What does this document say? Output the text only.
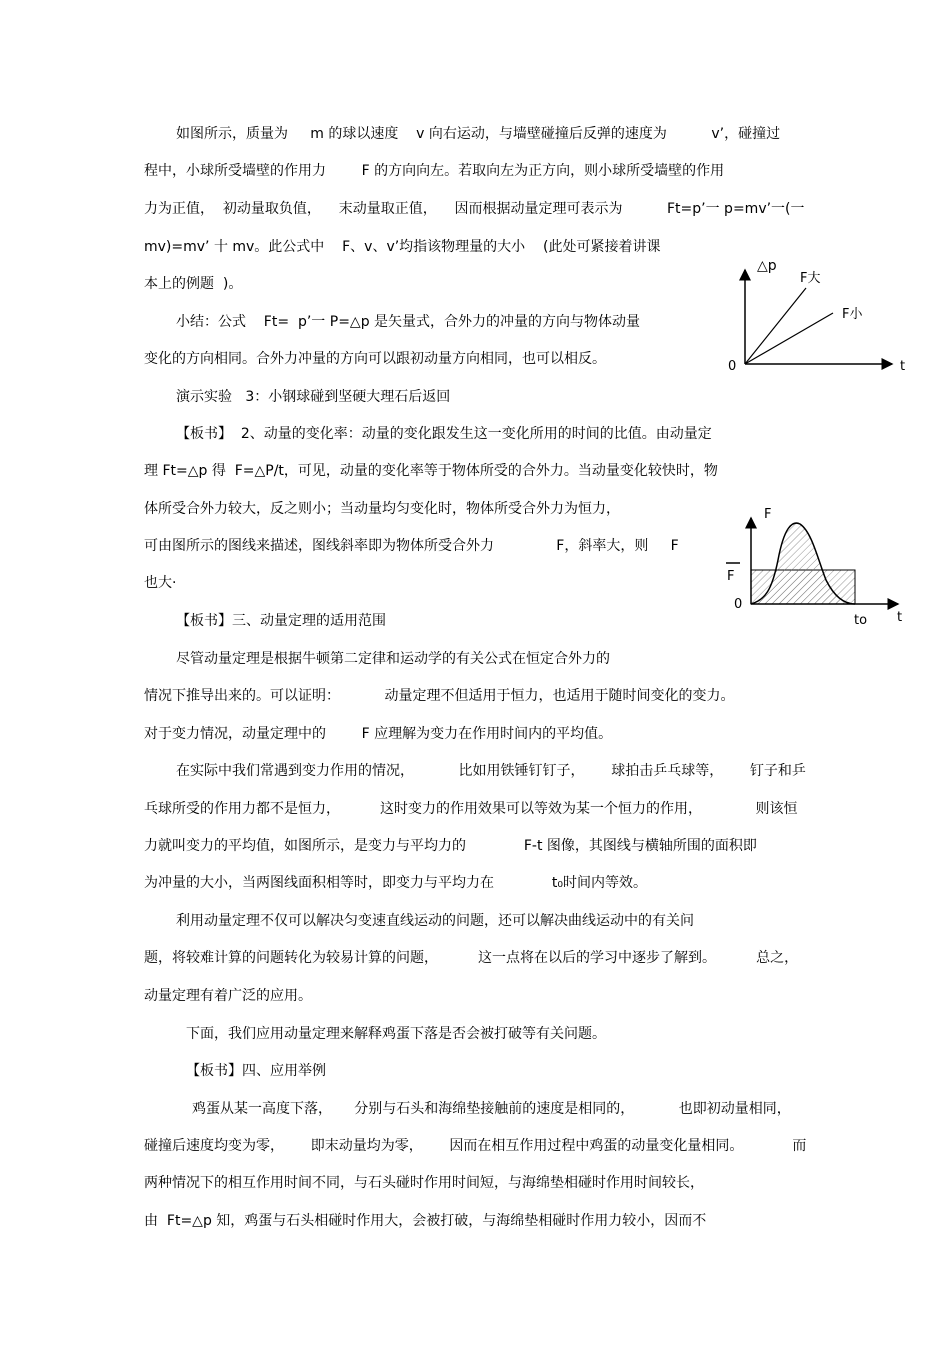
如图所示，质量为     m 的球以速度    v 向右运动，与墙壁碰撞后反弹的速度为          v’，碰撞过
程中，小球所受墙壁的作用力        F 的方向向左。若取向左为正方向，则小球所受墙壁的作用
力为正值，  初动量取负值，    末动量取正值，    因而根据动量定理可表示为          Ft=p’一 p=mv’一(一
mv)=mv’ 十 mv。此公式中    F、v、v’均指该物理量的大小    (此处可紧接着讲课
本上的例题  )。
小结：公式    Ft=  p’一 P=△p 是矢量式，合外力的冲量的方向与物体动量
变化的方向相同。合外力冲量的方向可以跟初动量方向相同，也可以相反。
演示实验   3：小钢球碰到坚硬大理石后返回
【板书】  2、动量的变化率：动量的变化跟发生这一变化所用的时间的比值。由动量定
理 Ft=△p 得  F=△P/t，可见，动量的变化率等于物体所受的合外力。当动量变化较快时，物
体所受合外力较大，反之则小；当动量均匀变化时，物体所受合外力为恒力，
可由图所示的图线来描述，图线斜率即为物体所受合外力              F，斜率大，则     F
也大·
【板书】三、动量定理的适用范围
尽管动量定理是根据牛顿第二定律和运动学的有关公式在恒定合外力的
情况下推导出来的。可以证明：          动量定理不但适用于恒力，也适用于随时间变化的变力。
对于变力情况，动量定理中的        F 应理解为变力在作用时间内的平均值。
在实际中我们常遇到变力作用的情况，          比如用铁锤钉钉子，      球拍击乒乓球等，      钉子和乒
乓球所受的作用力都不是恒力，         这时变力的作用效果可以等效为某一个恒力的作用，            则该恒
力就叫变力的平均值，如图所示，是变力与平均力的             F-t 图像，其图线与横轴所围的面积即
为冲量的大小，当两图线面积相等时，即变力与平均力在             t₀时间内等效。
利用动量定理不仅可以解决匀变速直线运动的问题，还可以解决曲线运动中的有关问
题，将较难计算的问题转化为较易计算的问题，         这一点将在以后的学习中逐步了解到。         总之，
动量定理有着广泛的应用。
下面，我们应用动量定理来解释鸡蛋下落是否会被打破等有关问题。
【板书】四、应用举例
鸡蛋从某一高度下落，     分别与石头和海绵垫接触前的速度是相同的，          也即初动量相同，
碰撞后速度均变为零，      即末动量均为零，      因而在相互作用过程中鸡蛋的动量变化量相同。           而
两种情况下的相互作用时间不同，与石头碰时作用时间短，与海绵垫相碰时作用时间较长，
由  Ft=△p 知，鸡蛋与石头相碰时作用大，会被打破，与海绵垫相碰时作用力较小，因而不
△p
t
0
F大
F小
F
F
0
to t
